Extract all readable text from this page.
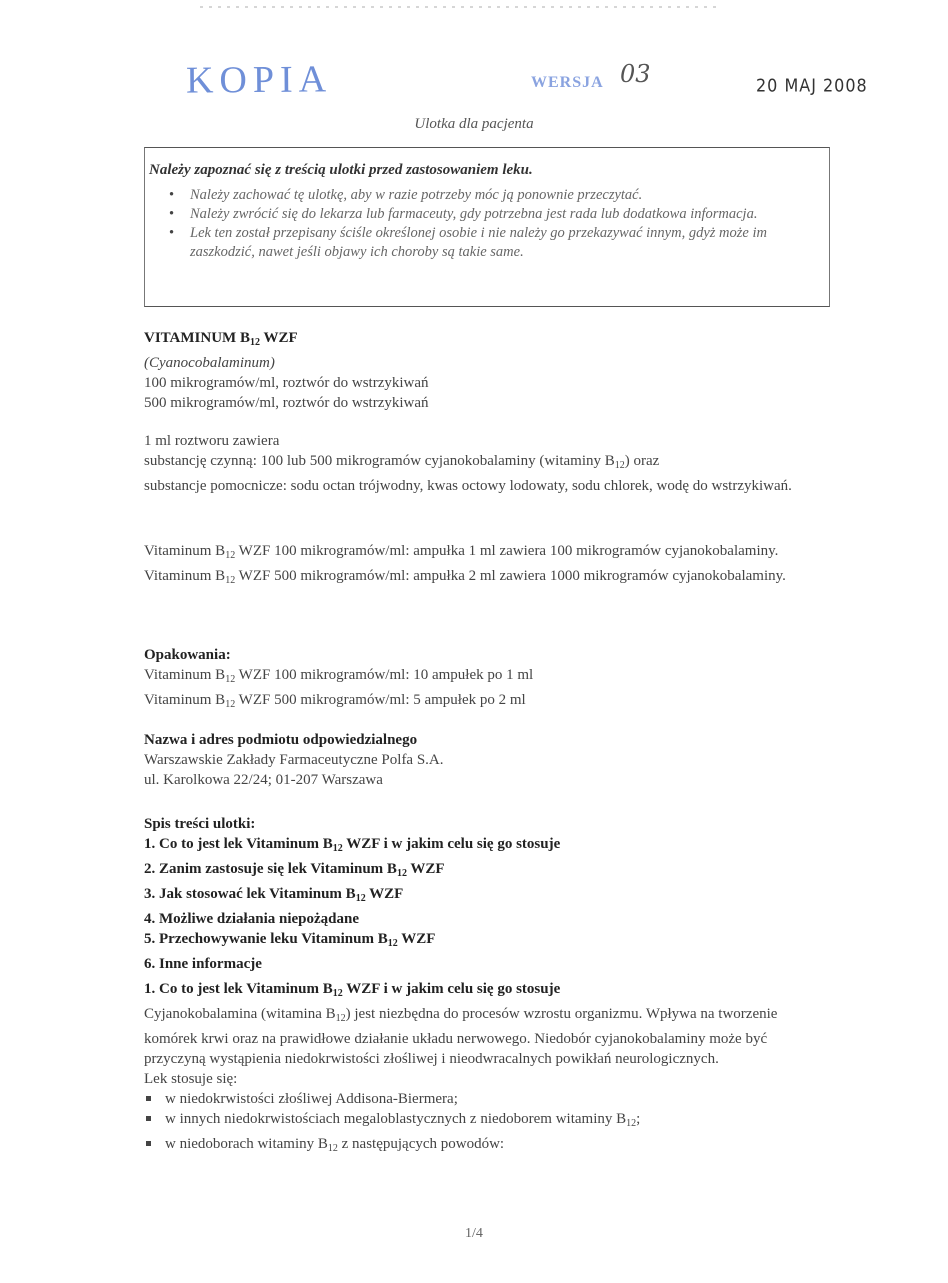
KOPIA	WERSJA 03	20 MAJ 2008
Ulotka dla pacjenta
Należy zapoznać się z treścią ulotki przed zastosowaniem leku.
• Należy zachować tę ulotkę, aby w razie potrzeby móc ją ponownie przeczytać.
• Należy zwrócić się do lekarza lub farmaceuty, gdy potrzebna jest rada lub dodatkowa informacja.
• Lek ten został przepisany ściśle określonej osobie i nie należy go przekazywać innym, gdyż może im zaszkodzić, nawet jeśli objawy ich choroby są takie same.
VITAMINUM $B_{12}$ WZF
(Cyanocobalaminum)
100 mikrogramów/ml, roztwór do wstrzykiwań
500 mikrogramów/ml, roztwór do wstrzykiwań
1 ml roztworu zawiera
substancję czynną: 100 lub 500 mikrogramów cyjanokobalaminy (witaminy $B_{12}$) oraz
substancje pomocnicze: sodu octan trójwodny, kwas octowy lodowaty, sodu chlorek, wodę do wstrzykiwań.
Vitaminum $B_{12}$ WZF 100 mikrogramów/ml: ampułka 1 ml zawiera 100 mikrogramów cyjanokobalaminy.
Vitaminum $B_{12}$ WZF 500 mikrogramów/ml: ampułka 2 ml zawiera 1000 mikrogramów cyjanokobalaminy.
Opakowania:
Vitaminum $B_{12}$ WZF 100 mikrogramów/ml: 10 ampułek po 1 ml
Vitaminum $B_{12}$ WZF 500 mikrogramów/ml: 5 ampułek po 2 ml
Nazwa i adres podmiotu odpowiedzialnego
Warszawskie Zakłady Farmaceutyczne Polfa S.A.
ul. Karolkowa 22/24; 01-207 Warszawa
Spis treści ulotki:
1. Co to jest lek Vitaminum $B_{12}$ WZF i w jakim celu się go stosuje
2. Zanim zastosuje się lek Vitaminum $B_{12}$ WZF
3. Jak stosować lek Vitaminum $B_{12}$ WZF
4. Możliwe działania niepożądane
5. Przechowywanie leku Vitaminum $B_{12}$ WZF
6. Inne informacje
1. Co to jest lek Vitaminum $B_{12}$ WZF i w jakim celu się go stosuje
Cyjanokobalamina (witamina $B_{12}$) jest niezbędna do procesów wzrostu organizmu. Wpływa na tworzenie komórek krwi oraz na prawidłowe działanie układu nerwowego. Niedobór cyjanokobalaminy może być przyczyną wystąpienia niedokrwistości złośliwej i nieodwracalnych powikłań neurologicznych.
Lek stosuje się:
w niedokrwistości złośliwej Addisona-Biermera;
w innych niedokrwistościach megaloblastycznych z niedoborem witaminy $B_{12}$;
w niedoborach witaminy $B_{12}$ z następujących powodów:
1/4
